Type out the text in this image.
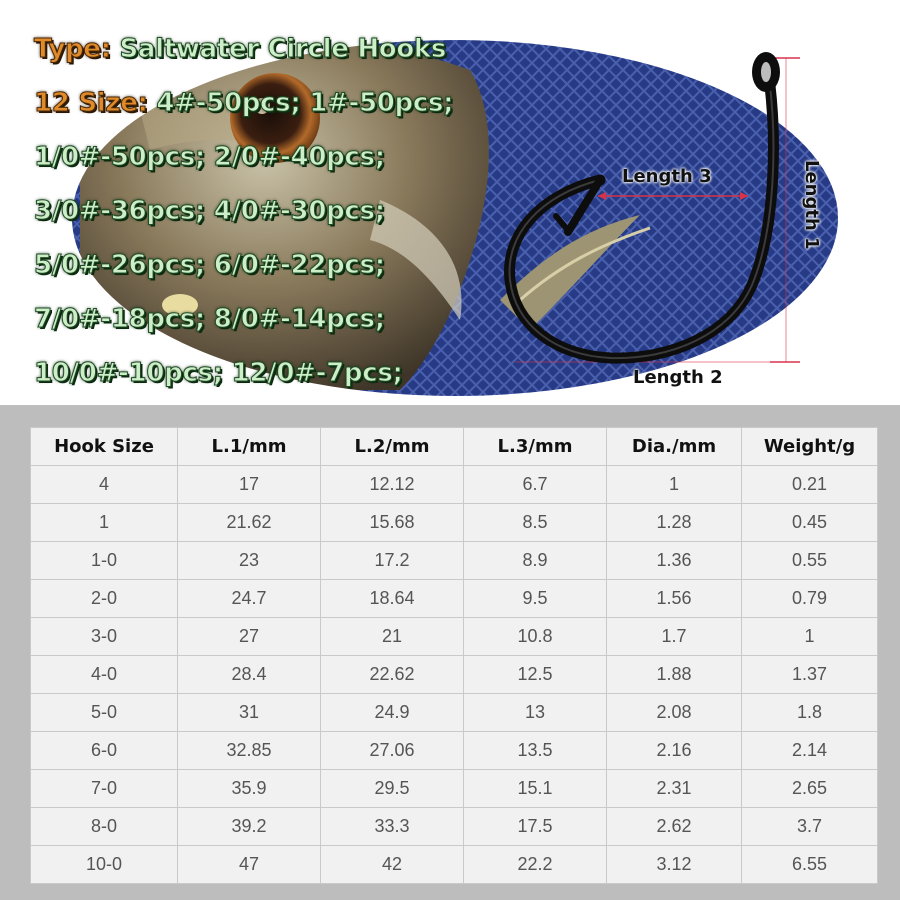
Type: Saltwater Circle Hooks

12 Size: 4#-50pcs; 1#-50pcs;

1/0#-50pcs; 2/0#-40pcs;

3/0#-36pcs; 4/0#-30pcs;

5/0#-26pcs; 6/0#-22pcs;

7/0#-18pcs; 8/0#-14pcs;

10/0#-10pcs; 12/0#-7pcs;

Length 3
Length 2
Length 1
Hook Size	L.1/mm	L.2/mm	L.3/mm	Dia./mm	Weight/g
4	17	12.12	6.7	1	0.21
1	21.62	15.68	8.5	1.28	0.45
1-0	23	17.2	8.9	1.36	0.55
2-0	24.7	18.64	9.5	1.56	0.79
3-0	27	21	10.8	1.7	1
4-0	28.4	22.62	12.5	1.88	1.37
5-0	31	24.9	13	2.08	1.8
6-0	32.85	27.06	13.5	2.16	2.14
7-0	35.9	29.5	15.1	2.31	2.65
8-0	39.2	33.3	17.5	2.62	3.7
10-0	47	42	22.2	3.12	6.55
